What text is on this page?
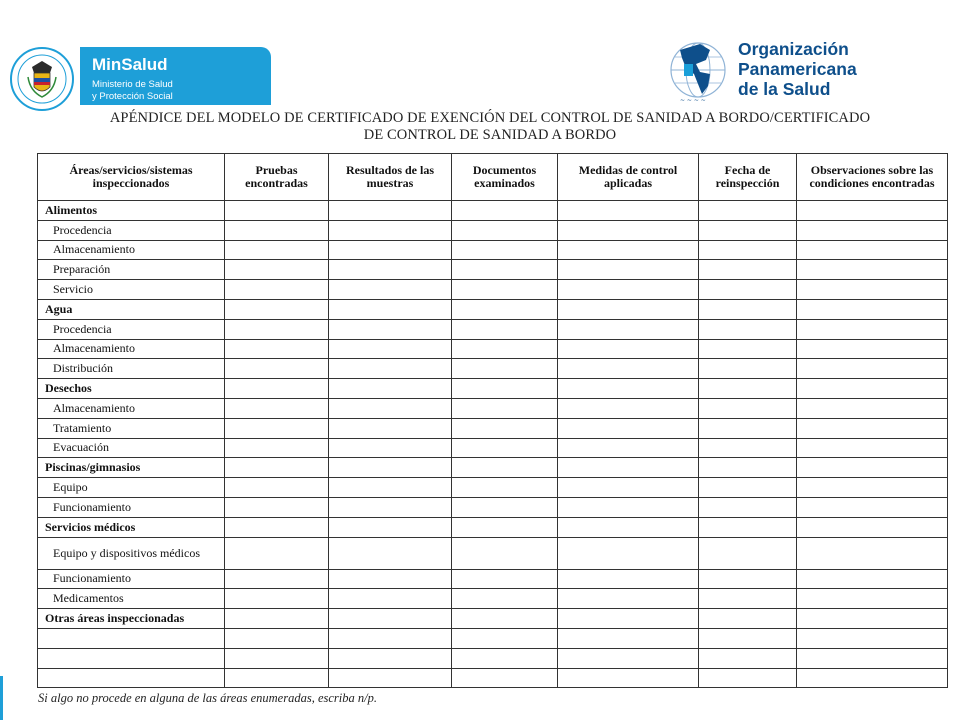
MinSalud
Ministerio de Salud
y Protección Social	~ ~ ~ ~
Organización
Panamericana
de la Salud
APÉNDICE DEL MODELO DE CERTIFICADO DE EXENCIÓN DEL CONTROL DE SANIDAD A BORDO/CERTIFICADO
DE CONTROL DE SANIDAD A BORDO
Áreas/servicios/sistemas inspeccionados	Pruebas encontradas	Resultados de las muestras	Documentos examinados	Medidas de control aplicadas	Fecha de reinspección	Observaciones sobre las condiciones encontradas
Alimentos						
Procedencia						
Almacenamiento						
Preparación						
Servicio						
Agua						
Procedencia						
Almacenamiento						
Distribución						
Desechos						
Almacenamiento						
Tratamiento						
Evacuación						
Piscinas/gimnasios						
Equipo						
Funcionamiento						
Servicios médicos						
Equipo y dispositivos médicos						
Funcionamiento						
Medicamentos						
Otras áreas inspeccionadas						

Si algo no procede en alguna de las áreas enumeradas, escriba n/p.
